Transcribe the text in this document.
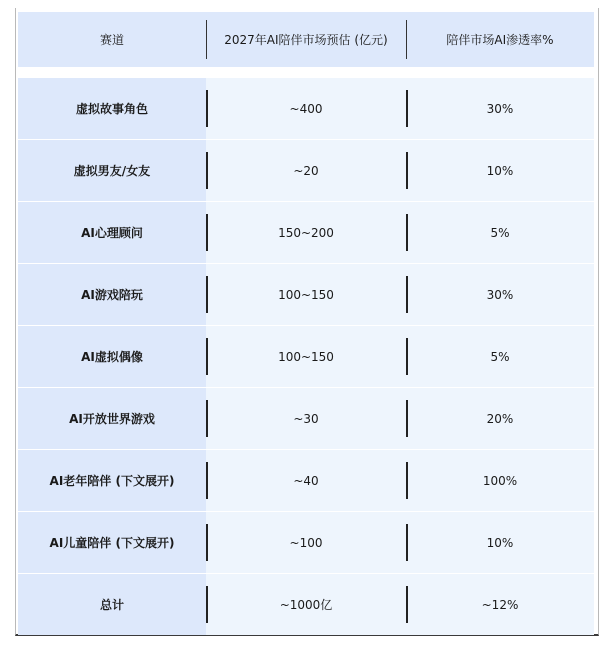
赛道	2027年AI陪伴市场预估 (亿元)	陪伴市场AI渗透率%
虚拟故事角色	~400	30%
虚拟男友/女友	~20	10%
AI心理顾问	150~200	5%
AI游戏陪玩	100~150	30%
AI虚拟偶像	100~150	5%
AI开放世界游戏	~30	20%
AI老年陪伴 (下文展开)	~40	100%
AI儿童陪伴 (下文展开)	~100	10%
总计	~1000亿	~12%
